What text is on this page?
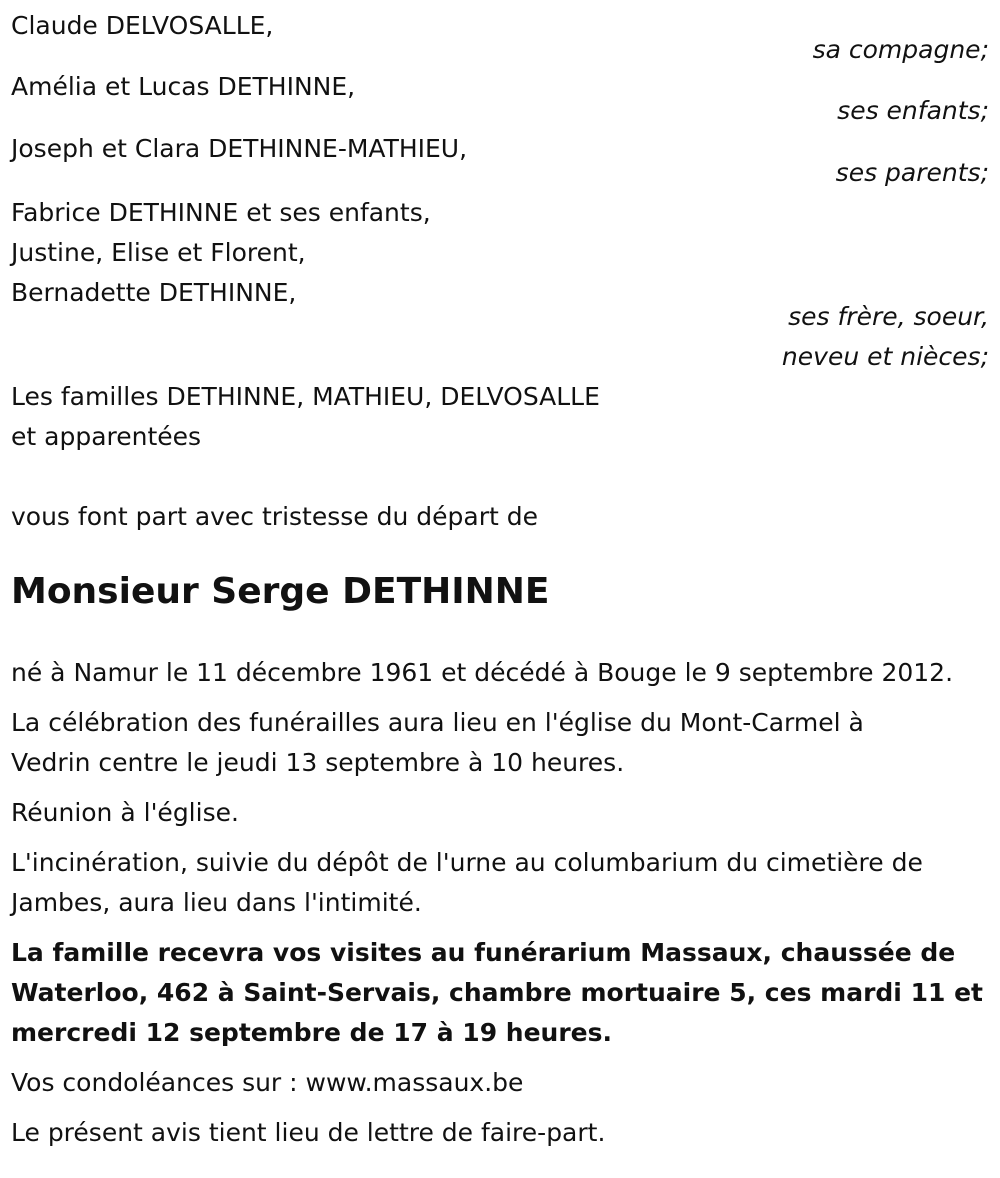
Claude DELVOSALLE,
sa compagne;
Amélia et Lucas DETHINNE,
ses enfants;
Joseph et Clara DETHINNE-MATHIEU,
ses parents;
Fabrice DETHINNE et ses enfants,
Justine, Elise et Florent,
Bernadette DETHINNE,
ses frère, soeur,
neveu et nièces;
Les familles DETHINNE, MATHIEU, DELVOSALLE
et apparentées
vous font part avec tristesse du départ de
Monsieur Serge DETHINNE
né à Namur le 11 décembre 1961 et décédé à Bouge le 9 septembre 2012.
La célébration des funérailles aura lieu en l'église du Mont-Carmel à
Vedrin centre le jeudi 13 septembre à 10 heures.
Réunion à l'église.
L'incinération, suivie du dépôt de l'urne au columbarium du cimetière de
Jambes, aura lieu dans l'intimité.
La famille recevra vos visites au funérarium Massaux, chaussée de
Waterloo, 462 à Saint-Servais, chambre mortuaire 5, ces mardi 11 et
mercredi 12 septembre de 17 à 19 heures.
Vos condoléances sur : www.massaux.be
Le présent avis tient lieu de lettre de faire-part.
